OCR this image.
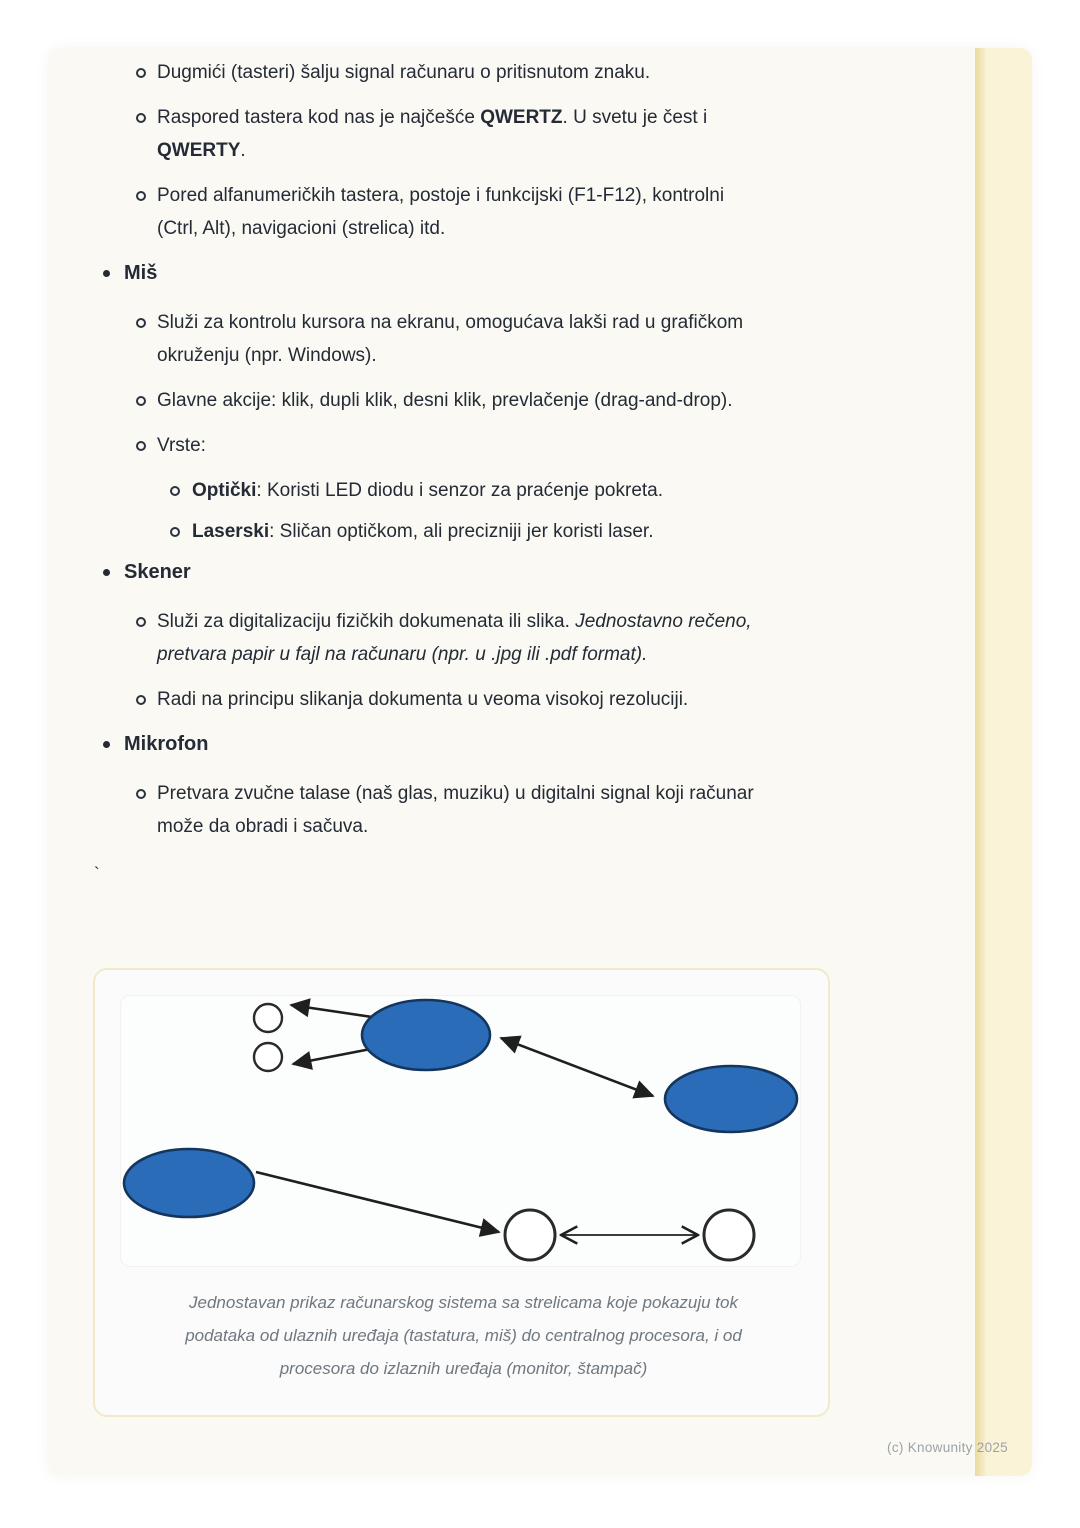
Dugmići (tasteri) šalju signal računaru o pritisnutom znaku.
Raspored tastera kod nas je najčešće QWERTZ. U svetu je čest i
QWERTY.
Pored alfanumeričkih tastera, postoje i funkcijski (F1-F12), kontrolni
(Ctrl, Alt), navigacioni (strelica) itd.
Miš
Služi za kontrolu kursora na ekranu, omogućava lakši rad u grafičkom
okruženju (npr. Windows).
Glavne akcije: klik, dupli klik, desni klik, prevlačenje (drag-and-drop).
Vrste:
Optički: Koristi LED diodu i senzor za praćenje pokreta.
Laserski: Sličan optičkom, ali precizniji jer koristi laser.
Skener
Služi za digitalizaciju fizičkih dokumenata ili slika. Jednostavno rečeno,
pretvara papir u fajl na računaru (npr. u .jpg ili .pdf format).
Radi na principu slikanja dokumenta u veoma visokoj rezoluciji.
Mikrofon
Pretvara zvučne talase (naš glas, muziku) u digitalni signal koji računar
može da obradi i sačuva.
`
Jednostavan prikaz računarskog sistema sa strelicama koje pokazuju tok
podataka od ulaznih uređaja (tastatura, miš) do centralnog procesora, i od
procesora do izlaznih uređaja (monitor, štampač)
(c) Knowunity 2025
